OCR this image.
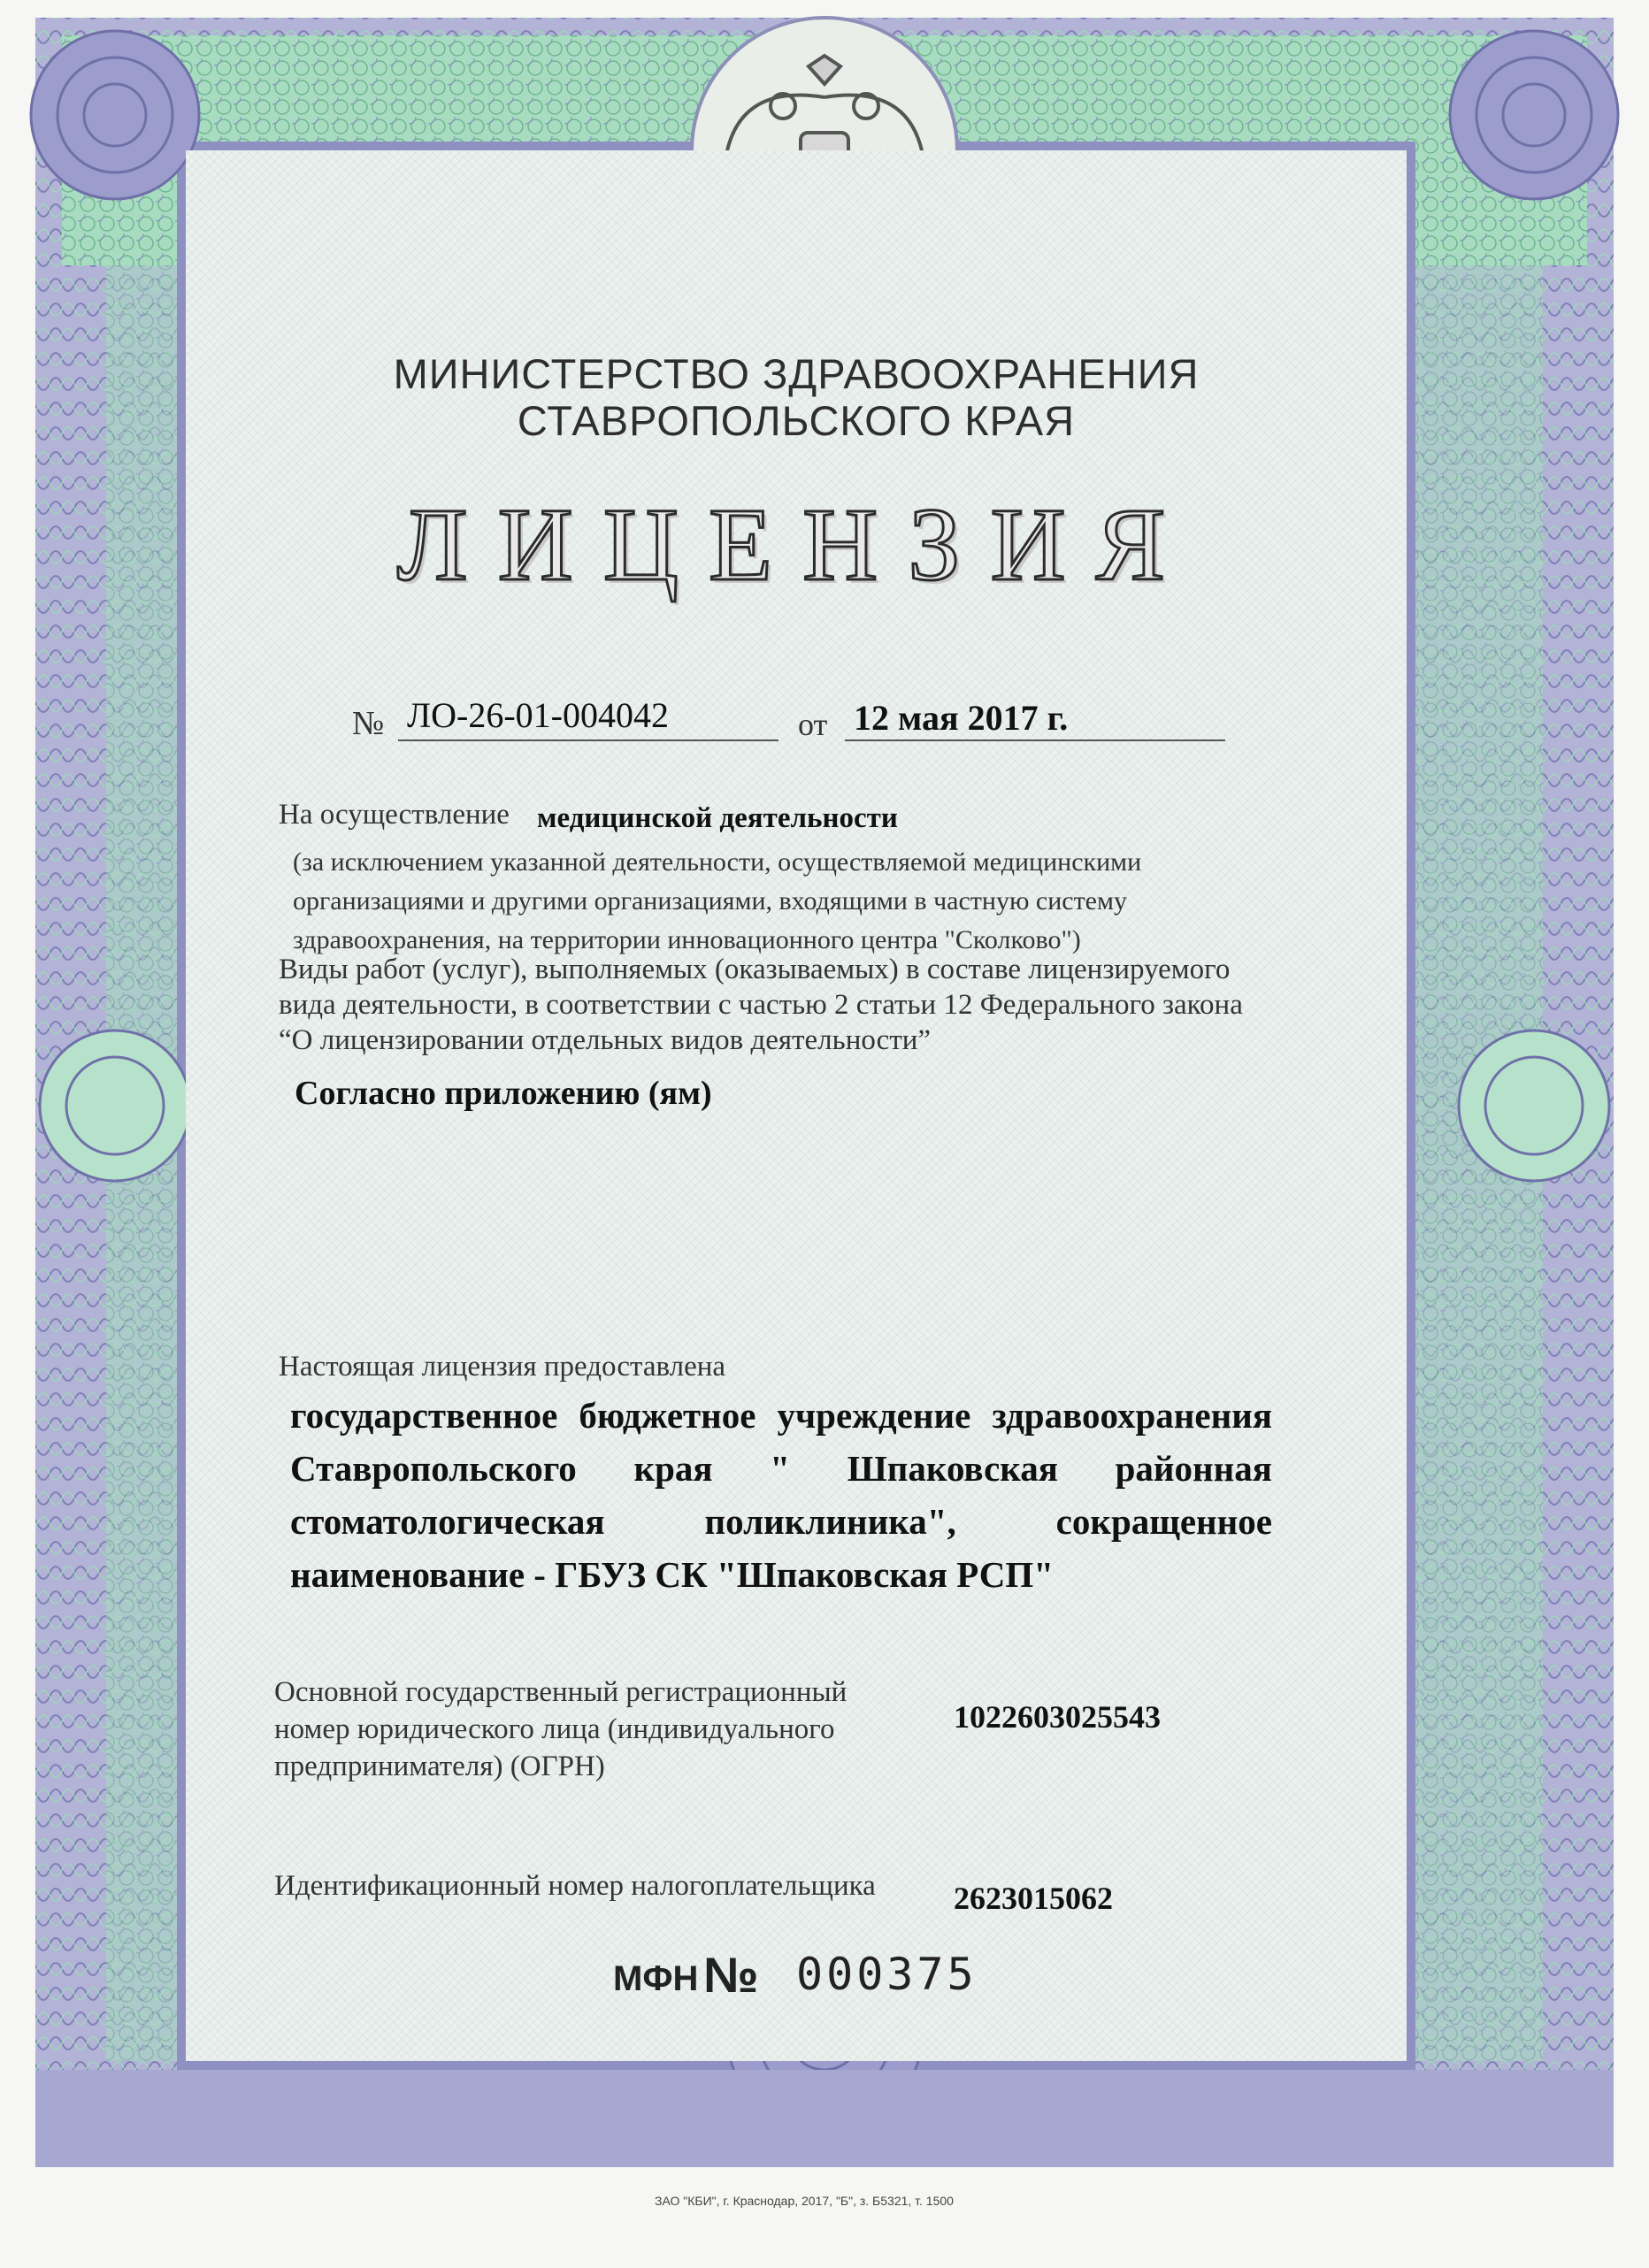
МИНИСТЕРСТВО ЗДРАВООХРАНЕНИЯ
СТАВРОПОЛЬСКОГО КРАЯ
ЛИЦЕНЗИЯ
№ ЛО-26-01-004042	от 12 мая 2017 г.
На осуществление медицинской деятельности
(за исключением указанной деятельности, осуществляемой медицинскими
организациями и другими организациями, входящими в частную систему
здравоохранения, на территории инновационного центра "Сколково")
Виды работ (услуг), выполняемых (оказываемых) в составе лицензируемого
вида деятельности, в соответствии с частью 2 статьи 12 Федерального закона
“О лицензировании отдельных видов деятельности”
Согласно приложению (ям)
Настоящая лицензия предоставлена
государственное бюджетное учреждение здравоохранения Ставропольского края " Шпаковская районная стоматологическая поликлиника", сокращенное наименование - ГБУЗ СК "Шпаковская РСП"
Основной государственный регистрационный
номер юридического лица (индивидуального
предпринимателя) (ОГРН)
1022603025543
Идентификационный номер налогоплательщика 2623015062
МФН № 000375
ЗАО "КБИ", г. Краснодар, 2017, "Б", з. Б5321, т. 1500
